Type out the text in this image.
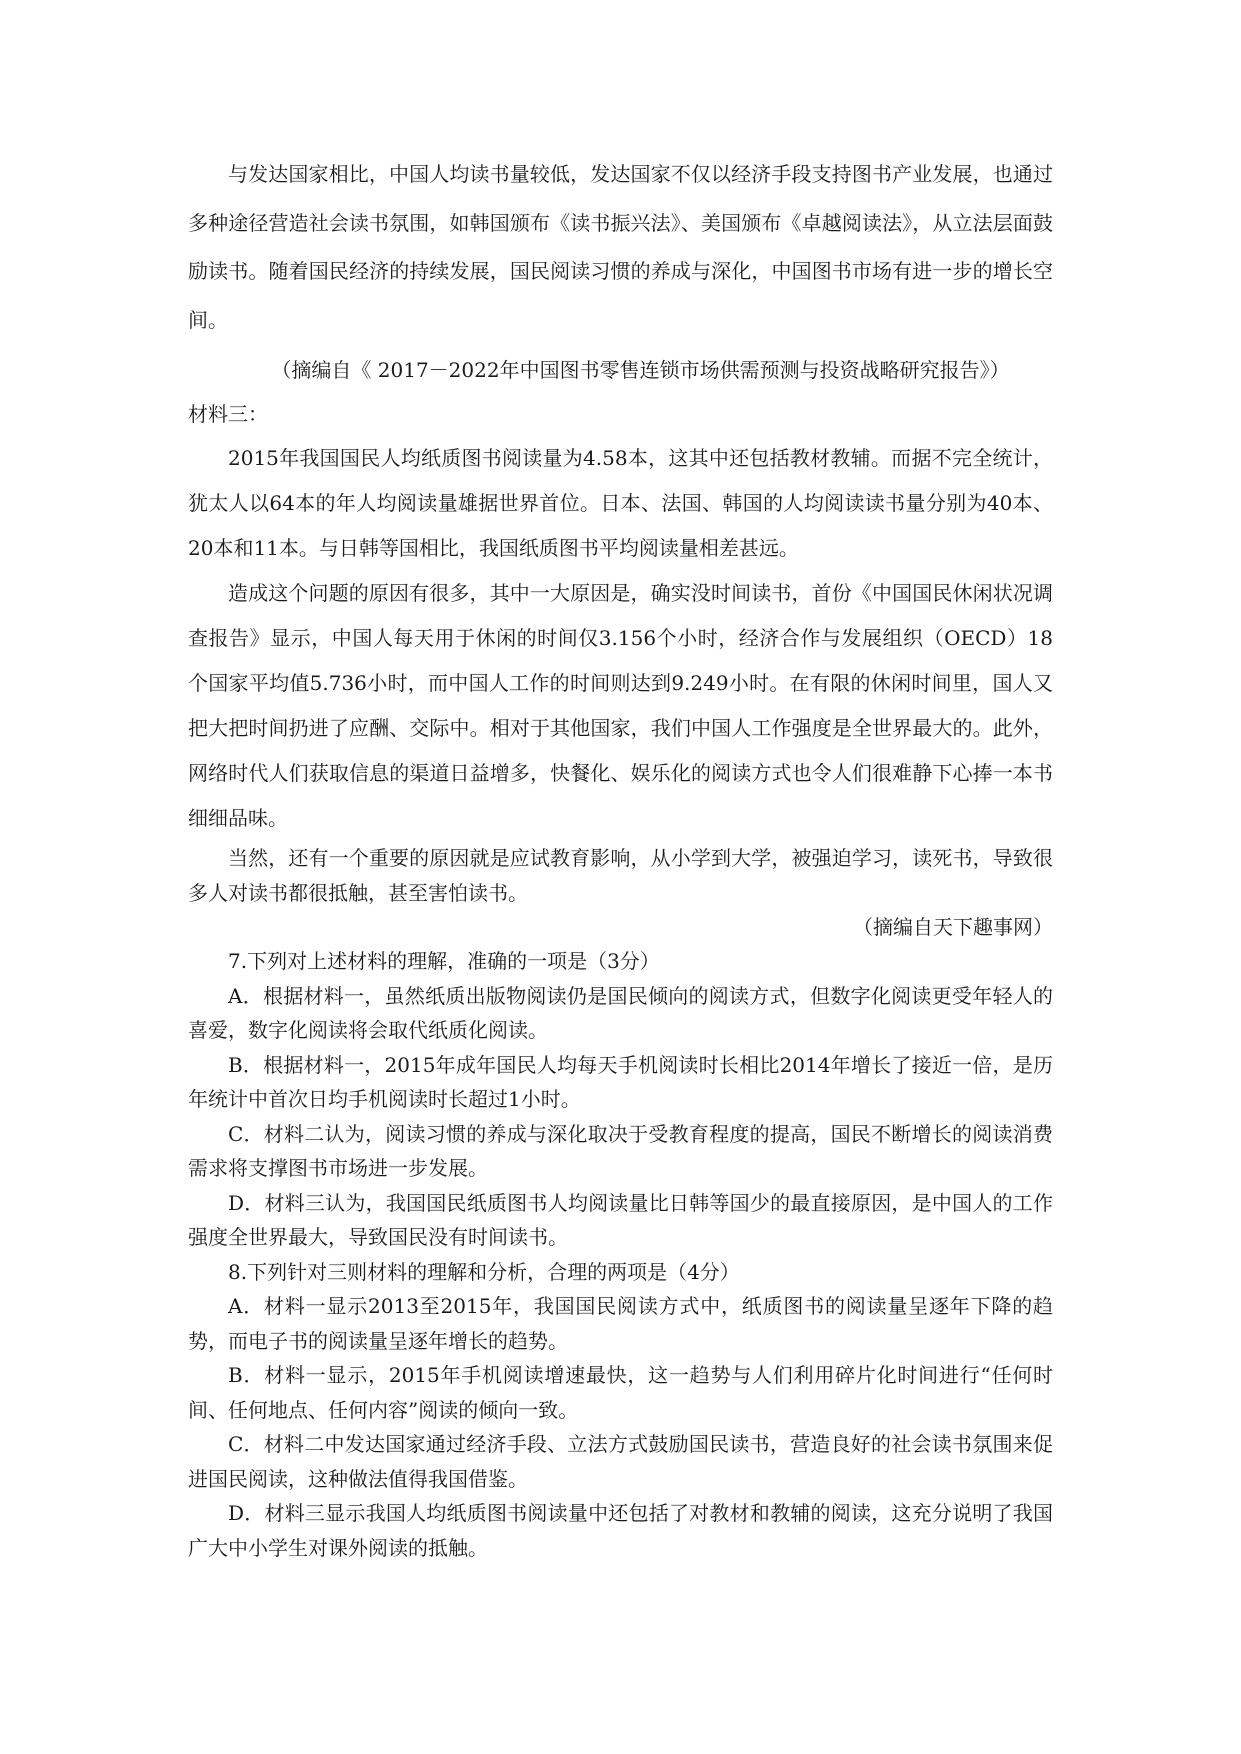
与发达国家相比，中国人均读书量较低，发达国家不仅以经济手段支持图书产业发展，也通过多种途径营造社会读书氛围，如韩国颁布《读书振兴法》、美国颁布《卓越阅读法》，从立法层面鼓励读书。随着国民经济的持续发展，国民阅读习惯的养成与深化，中国图书市场有进一步的增长空间。

（摘编自《 2017－2022年中国图书零售连锁市场供需预测与投资战略研究报告》）

材料三：

2015年我国国民人均纸质图书阅读量为4.58本，这其中还包括教材教辅。而据不完全统计，犹太人以64本的年人均阅读量雄据世界首位。日本、法国、韩国的人均阅读读书量分别为40本、20本和11本。与日韩等国相比，我国纸质图书平均阅读量相差甚远。

造成这个问题的原因有很多，其中一大原因是，确实没时间读书，首份《中国国民休闲状况调查报告》显示，中国人每天用于休闲的时间仅3.156个小时，经济合作与发展组织（OECD）18个国家平均值5.736小时，而中国人工作的时间则达到9.249小时。在有限的休闲时间里，国人又把大把时间扔进了应酬、交际中。相对于其他国家，我们中国人工作强度是全世界最大的。此外，网络时代人们获取信息的渠道日益增多，快餐化、娱乐化的阅读方式也令人们很难静下心捧一本书细细品味。

当然，还有一个重要的原因就是应试教育影响，从小学到大学，被强迫学习，读死书，导致很多人对读书都很抵触，甚至害怕读书。

（摘编自天下趣事网）

7.下列对上述材料的理解，准确的一项是（3分）

A．根据材料一，虽然纸质出版物阅读仍是国民倾向的阅读方式，但数字化阅读更受年轻人的喜爱，数字化阅读将会取代纸质化阅读。

B．根据材料一，2015年成年国民人均每天手机阅读时长相比2014年增长了接近一倍，是历年统计中首次日均手机阅读时长超过1小时。

C．材料二认为，阅读习惯的养成与深化取决于受教育程度的提高，国民不断增长的阅读消费需求将支撑图书市场进一步发展。

D．材料三认为，我国国民纸质图书人均阅读量比日韩等国少的最直接原因，是中国人的工作强度全世界最大，导致国民没有时间读书。

8.下列针对三则材料的理解和分析，合理的两项是（4分）

A．材料一显示2013至2015年，我国国民阅读方式中，纸质图书的阅读量呈逐年下降的趋势，而电子书的阅读量呈逐年增长的趋势。

B．材料一显示，2015年手机阅读增速最快，这一趋势与人们利用碎片化时间进行“任何时间、任何地点、任何内容”阅读的倾向一致。

C．材料二中发达国家通过经济手段、立法方式鼓励国民读书，营造良好的社会读书氛围来促进国民阅读，这种做法值得我国借鉴。

D．材料三显示我国人均纸质图书阅读量中还包括了对教材和教辅的阅读，这充分说明了我国广大中小学生对课外阅读的抵触。
